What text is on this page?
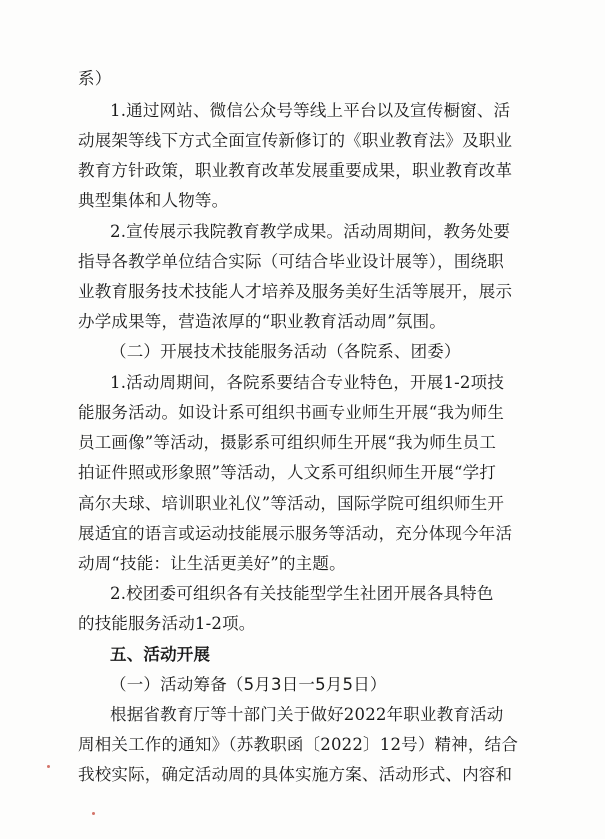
系）
1.通过网站、微信公众号等线上平台以及宣传橱窗、活
动展架等线下方式全面宣传新修订的《职业教育法》及职业
教育方针政策，职业教育改革发展重要成果，职业教育改革
典型集体和人物等。
2.宣传展示我院教育教学成果。活动周期间，教务处要
指导各教学单位结合实际（可结合毕业设计展等），围绕职
业教育服务技术技能人才培养及服务美好生活等展开，展示
办学成果等，营造浓厚的“职业教育活动周”氛围。
（二）开展技术技能服务活动（各院系、团委）
1.活动周期间，各院系要结合专业特色，开展1-2项技
能服务活动。如设计系可组织书画专业师生开展“我为师生
员工画像”等活动，摄影系可组织师生开展“我为师生员工
拍证件照或形象照”等活动，人文系可组织师生开展“学打
高尔夫球、培训职业礼仪”等活动，国际学院可组织师生开
展适宜的语言或运动技能展示服务等活动，充分体现今年活
动周“技能：让生活更美好”的主题。
2.校团委可组织各有关技能型学生社团开展各具特色
的技能服务活动1-2项。
五、活动开展
（一）活动筹备（5月3日一5月5日）
根据省教育厅等十部门关于做好2022年职业教育活动
周相关工作的通知》（苏教职函〔2022〕12号）精神，结合
我校实际，确定活动周的具体实施方案、活动形式、内容和
